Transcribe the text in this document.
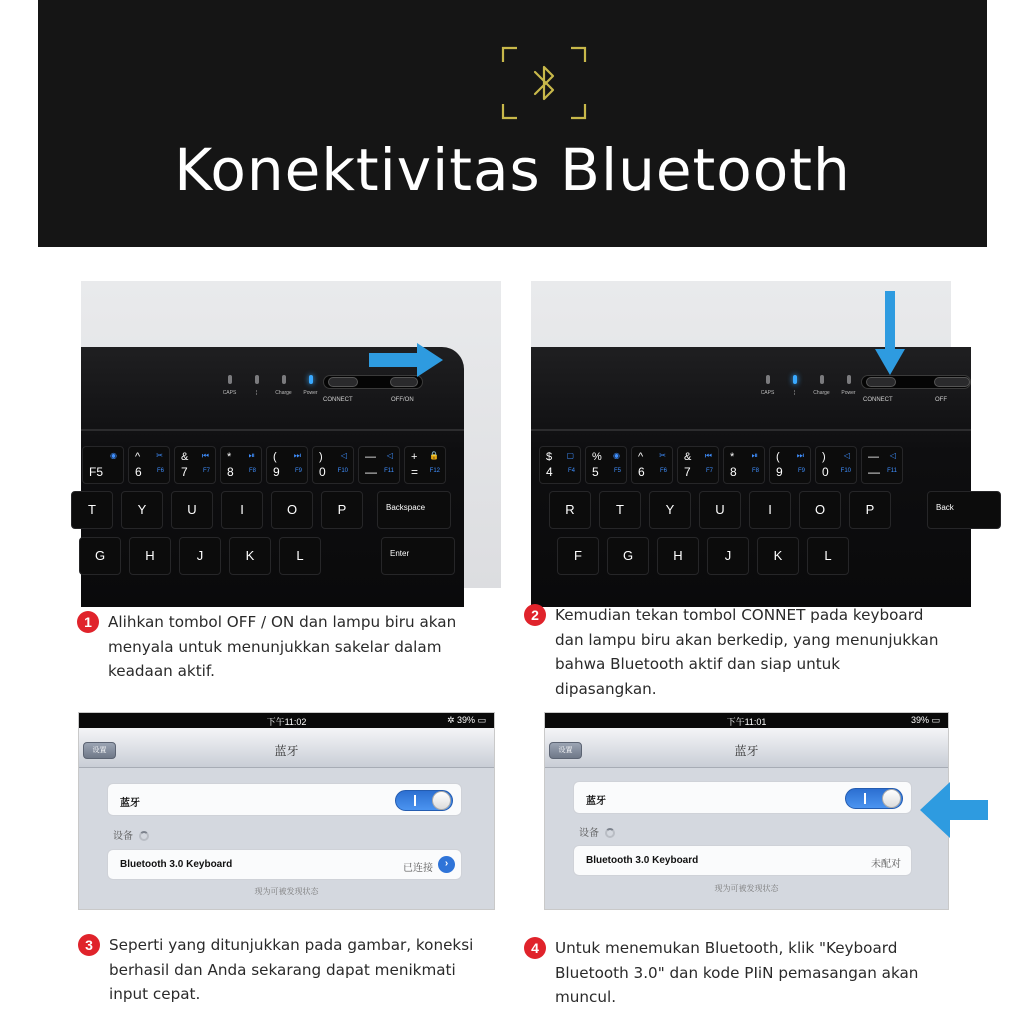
Konektivitas Bluetooth
CAPS	¦	Charge	Power
CONNECT	OFF/ON
F5
◉ ^
6
✂
F6
&
7
⏮
F7
*
8
⏯
F8
(
9
⏭
F9
)
0
◁
F10
—
—
◁
F11
+
=
🔒
F12
T	Y	U	I	O	P
G	H	J	K	L
Backspace
Enter
CAPS	¦	Charge	Power
CONNECT	OFF
$
4
▢
F4
%
5
◉
F5
^
6
✂
F6
&
7
⏮
F7
*
8
⏯
F8
(
9
⏭
F9
)
0
◁
F10
—
—
◁
F11
R	T	Y	U	I	O	P
F	G	H	J	K	L
Back
1	Alihkan tombol OFF / ON dan lampu biru akan menyala untuk menunjukkan sakelar dalam keadaan aktif.
2	Kemudian tekan tombol CONNET pada keyboard dan lampu biru akan berkedip, yang menunjukkan bahwa Bluetooth aktif dan siap untuk dipasangkan.
下午11:02	✲ 39% ▭
设置	蓝牙
蓝牙
设备
Bluetooth 3.0 Keyboard	已连接	›
现为可被发现状态
下午11:01	39% ▭
设置	蓝牙
蓝牙
设备
Bluetooth 3.0 Keyboard	未配对
现为可被发现状态
3	Seperti yang ditunjukkan pada gambar, koneksi berhasil dan Anda sekarang dapat menikmati input cepat.
4	Untuk menemukan Bluetooth, klik "Keyboard Bluetooth 3.0" dan kode PIiN pemasangan akan muncul.
